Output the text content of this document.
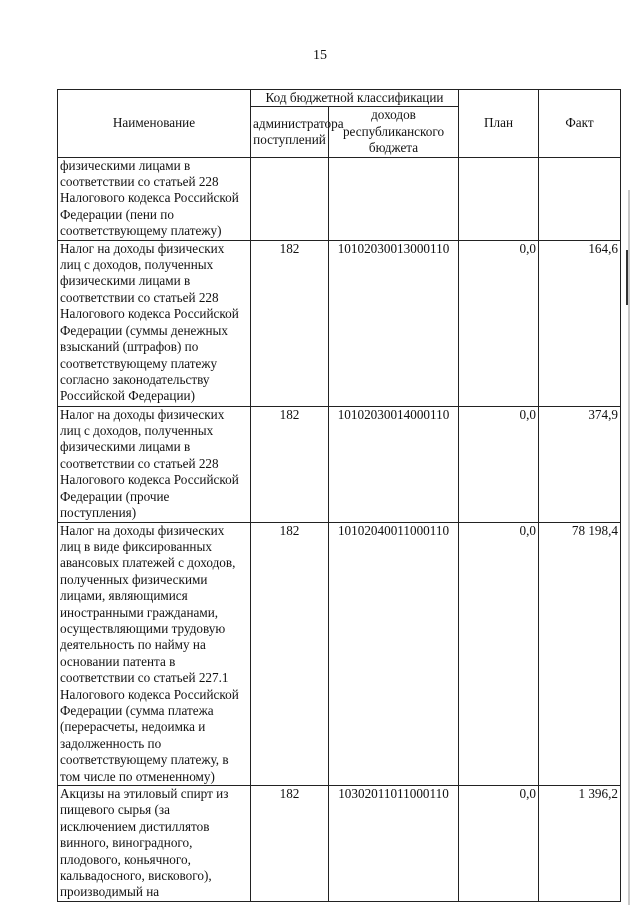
15
Наименование	Код бюджетной классификации		План	Факт
	администратора поступлений	доходов республиканского бюджета		
физическими лицами в соответствии со статьей 228 Налогового кодекса Российской Федерации (пени по соответствующему платежу)				
Налог на доходы физических лиц с доходов, полученных физическими лицами в соответствии со статьей 228 Налогового кодекса Российской Федерации (суммы денежных взысканий (штрафов) по соответствующему платежу согласно законодательству Российской Федерации)	182	10102030013000110	0,0	164,6
Налог на доходы физических лиц с доходов, полученных физическими лицами в соответствии со статьей 228 Налогового кодекса Российской Федерации (прочие поступления)	182	10102030014000110	0,0	374,9
Налог на доходы физических лиц в виде фиксированных авансовых платежей с доходов, полученных физическими лицами, являющимися иностранными гражданами, осуществляющими трудовую деятельность по найму на основании патента в соответствии со статьей 227.1 Налогового кодекса Российской Федерации (сумма платежа (перерасчеты, недоимка и задолженность по соответствующему платежу, в том числе по отмененному)	182	10102040011000110	0,0	78 198,4
Акцизы на этиловый спирт из пищевого сырья (за исключением дистиллятов винного, виноградного, плодового, коньячного, кальвадосного, вискового), производимый на	182	10302011011000110	0,0	1 396,2
